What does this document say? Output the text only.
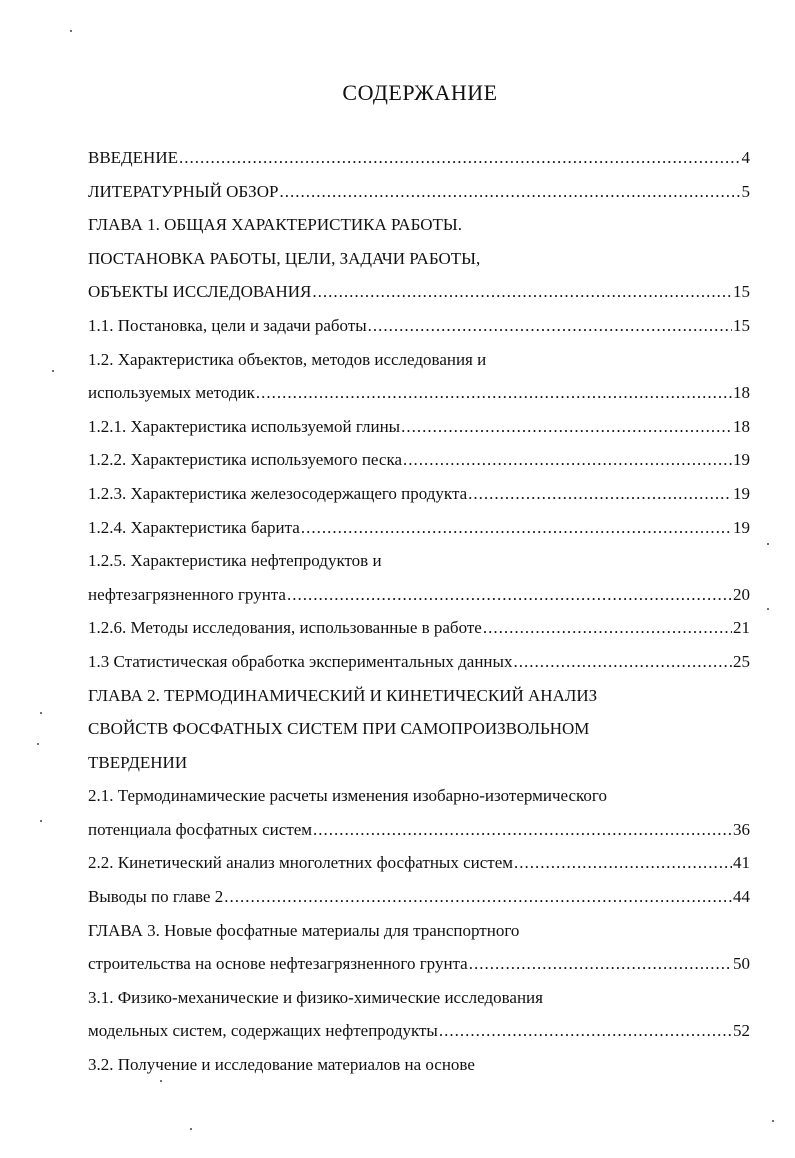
СОДЕРЖАНИЕ
ВВЕДЕНИЕ .....	4
ЛИТЕРАТУРНЫЙ ОБЗОР .....	5
ГЛАВА 1. ОБЩАЯ ХАРАКТЕРИСТИКА РАБОТЫ.
ПОСТАНОВКА РАБОТЫ, ЦЕЛИ, ЗАДАЧИ РАБОТЫ,
ОБЪЕКТЫ ИССЛЕДОВАНИЯ .....	15
1.1. Постановка, цели и задачи работы .....	15
1.2. Характеристика объектов, методов исследования и
используемых методик .....	18
1.2.1. Характеристика используемой глины .....	18
1.2.2. Характеристика используемого песка .....	19
1.2.3. Характеристика железосодержащего продукта .....	19
1.2.4. Характеристика барита .....	19
1.2.5. Характеристика нефтепродуктов и
нефтезагрязненного грунта .....	20
1.2.6. Методы исследования, использованные в работе .....	21
1.3 Статистическая обработка экспериментальных данных .....	25
ГЛАВА 2. ТЕРМОДИНАМИЧЕСКИЙ И КИНЕТИЧЕСКИЙ АНАЛИЗ
СВОЙСТВ ФОСФАТНЫХ СИСТЕМ ПРИ САМОПРОИЗВОЛЬНОМ
ТВЕРДЕНИИ
2.1. Термодинамические расчеты изменения изобарно-изотермического
потенциала фосфатных систем .....	36
2.2. Кинетический анализ многолетних фосфатных систем .....	41
Выводы по главе 2 .....	44
ГЛАВА 3. Новые фосфатные материалы для транспортного
строительства на основе нефтезагрязненного грунта .....	50
3.1. Физико-механические и физико-химические исследования
модельных систем, содержащих нефтепродукты .....	52
3.2. Получение и исследование материалов на основе
